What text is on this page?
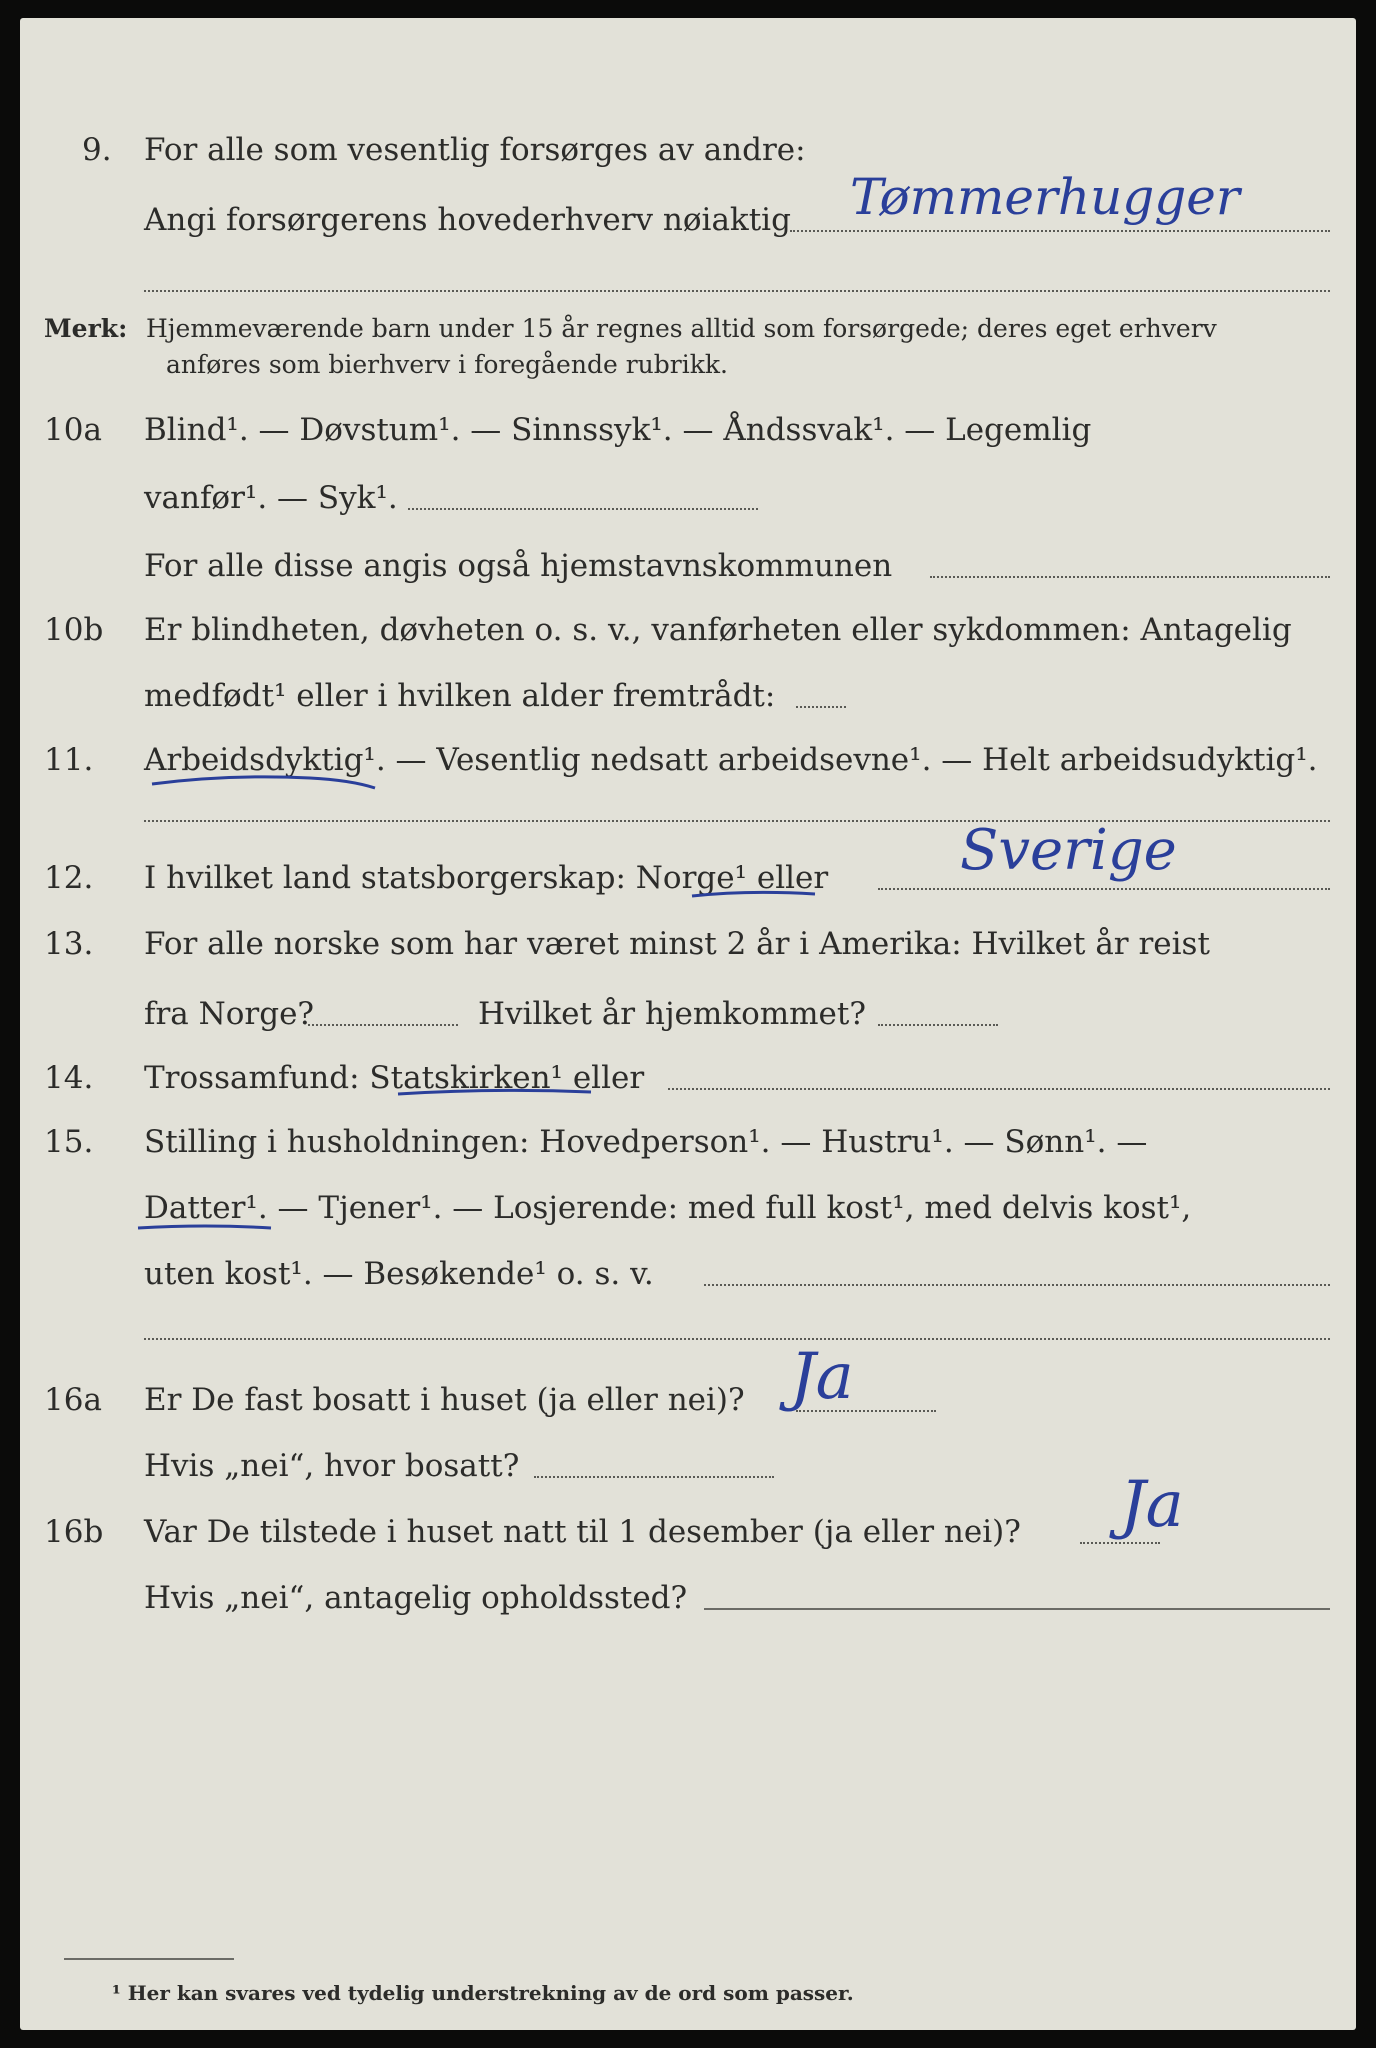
9. For alle som vesentlig forsørges av andre:
Angi forsørgerens hovederhverv nøiaktig Tømmerhugger
Merk: Hjemmeværende barn under 15 år regnes alltid som forsørgede; deres eget erhverv
anføres som bierhverv i foregående rubrikk.
10a Blind¹. — Døvstum¹. — Sinnssyk¹. — Åndssvak¹. — Legemlig
vanfør¹. — Syk¹.
For alle disse angis også hjemstavnskommunen
10b Er blindheten, døvheten o. s. v., vanførheten eller sykdommen: Antagelig
medfødt¹ eller i hvilken alder fremtrådt:
11. Arbeidsdyktig¹. — Vesentlig nedsatt arbeidsevne¹. — Helt arbeidsudyktig¹.
12. I hvilket land statsborgerskap: Norge¹ eller Sverige
13. For alle norske som har været minst 2 år i Amerika: Hvilket år reist
fra Norge?	Hvilket år hjemkommet?
14. Trossamfund: Statskirken¹ eller
15. Stilling i husholdningen: Hovedperson¹. — Hustru¹. — Sønn¹. —
Datter¹. — Tjener¹. — Losjerende: med full kost¹, med delvis kost¹,
uten kost¹. — Besøkende¹ o. s. v.
16a Er De fast bosatt i huset (ja eller nei)? Ja
Hvis „nei“, hvor bosatt?
16b Var De tilstede i huset natt til 1 desember (ja eller nei)? Ja
Hvis „nei“, antagelig opholdssted?
¹ Her kan svares ved tydelig understrekning av de ord som passer.
